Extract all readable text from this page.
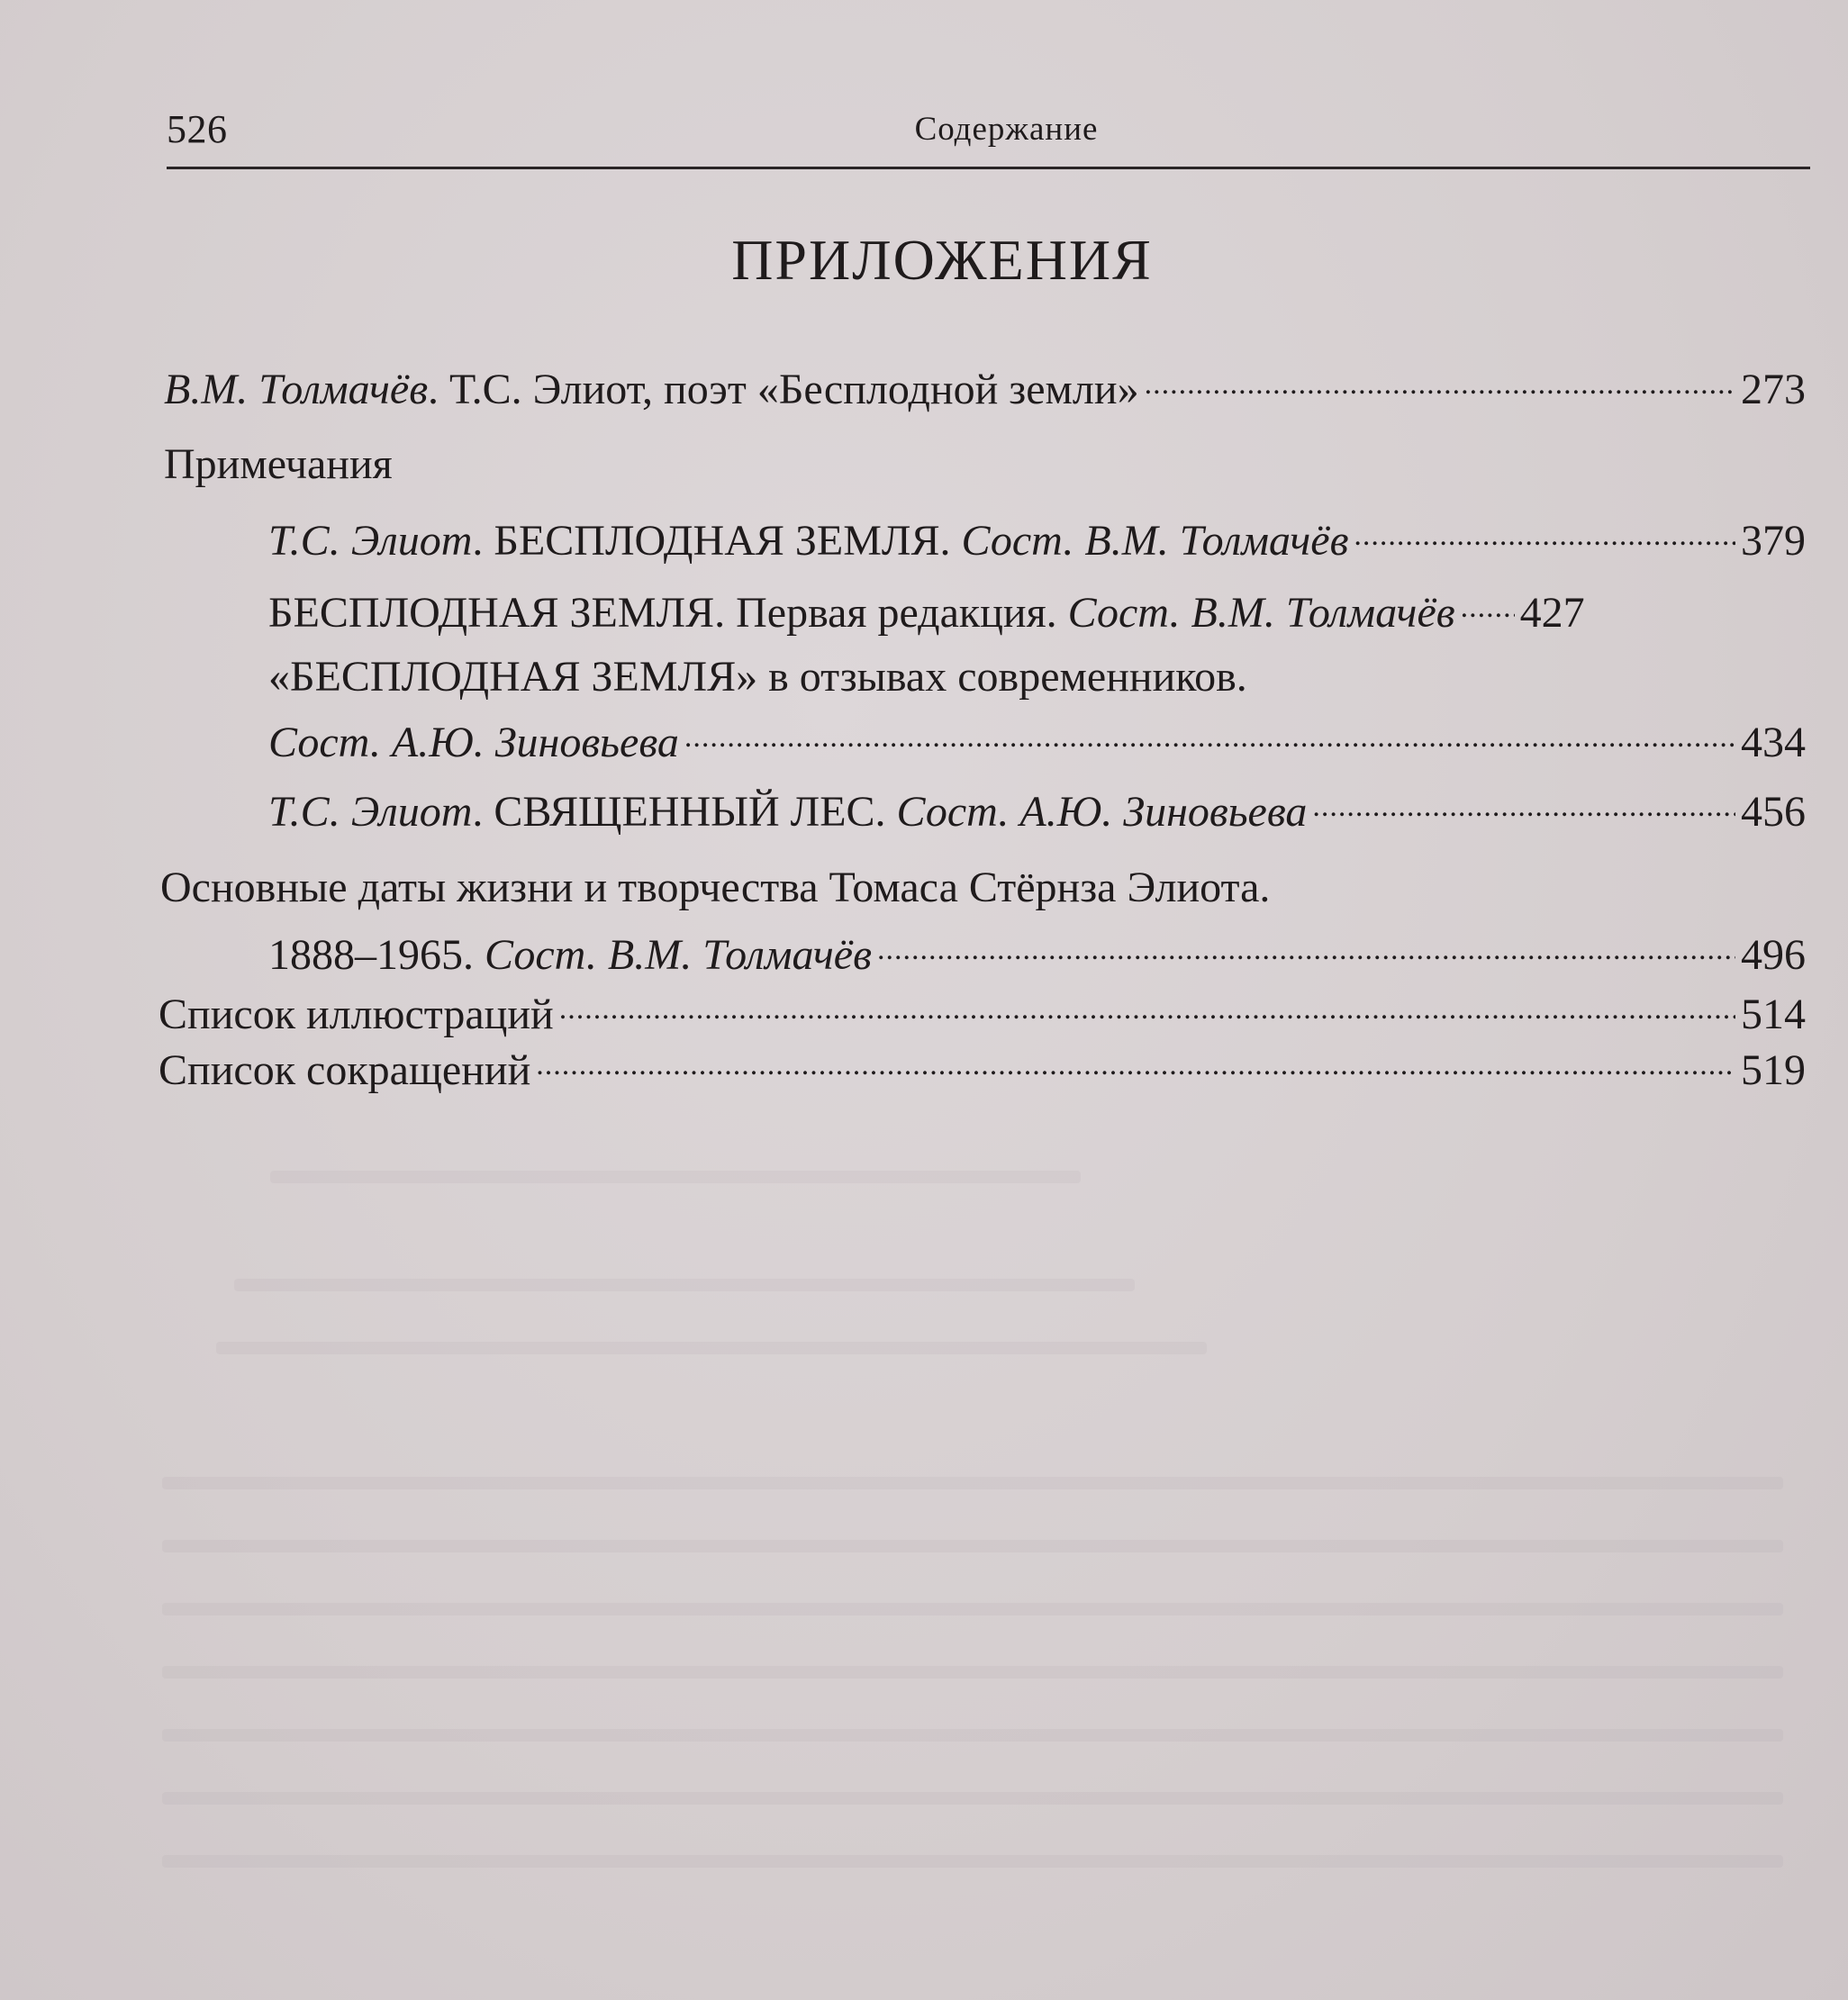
526	Содержание
ПРИЛОЖЕНИЯ
В.М. Толмачёв. Т.С. Элиот, поэт «Бесплодной земли» .....	273
Примечания
Т.С. Элиот. БЕСПЛОДНАЯ ЗЕМЛЯ. Сост. В.М. Толмачёв .....	379
БЕСПЛОДНАЯ ЗЕМЛЯ. Первая редакция. Сост. В.М. Толмачёв ..... 427
«БЕСПЛОДНАЯ ЗЕМЛЯ» в отзывах современников.
Сост. А.Ю. Зиновьева .....	434
Т.С. Элиот. СВЯЩЕННЫЙ ЛЕС. Сост. А.Ю. Зиновьева .....	456
Основные даты жизни и творчества Томаса Стёрнза Элиота.
1888–1965. Сост. В.М. Толмачёв .....	496
Список иллюстраций .....	514
Список сокращений .....	519
